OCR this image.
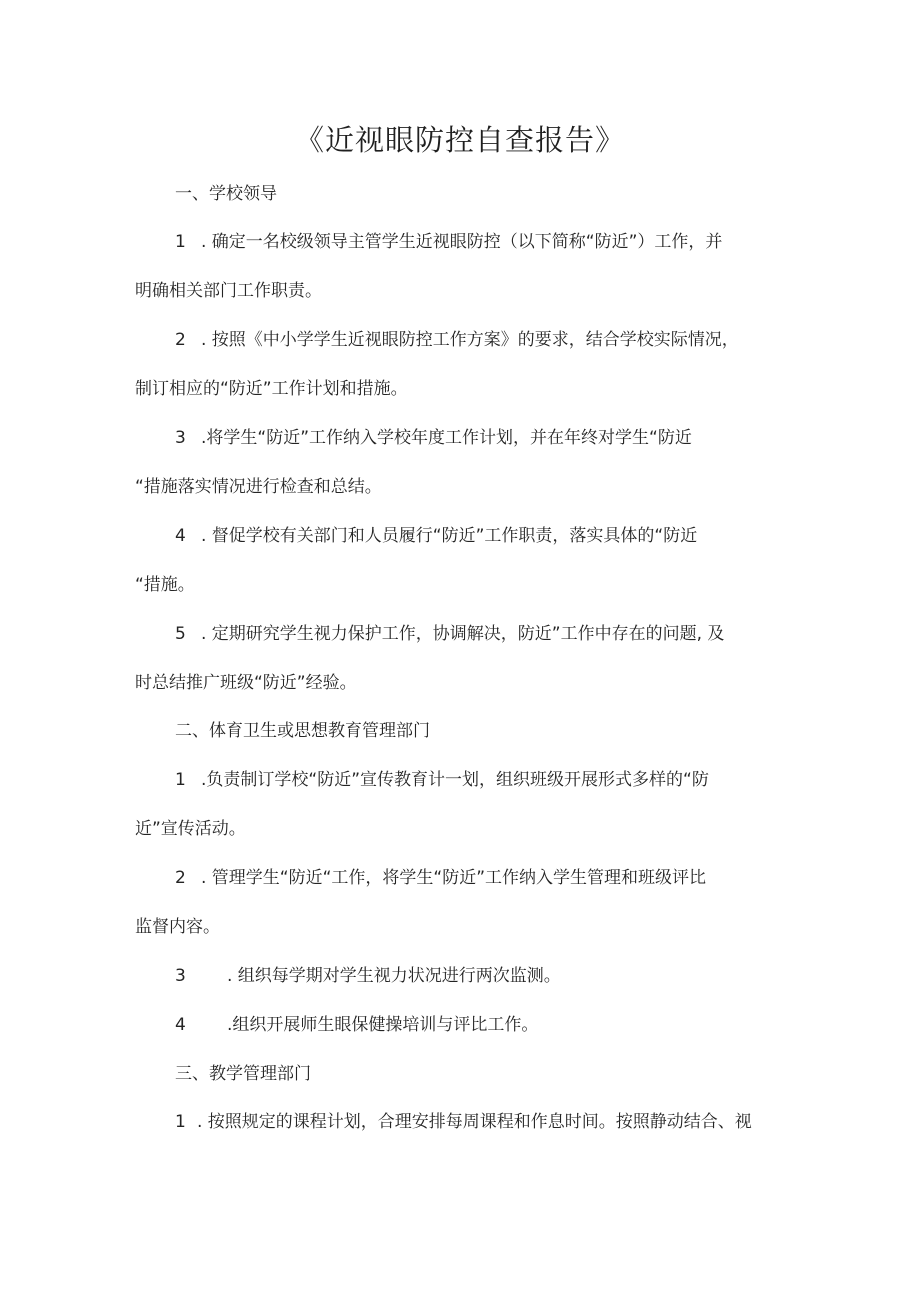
《近视眼防控自查报告》
一、学校领导
1 . 确定一名校级领导主管学生近视眼防控（以下简称“防近”）工作，并
明确相关部门工作职责。
2 . 按照《中小学学生近视眼防控工作方案》的要求，结合学校实际情况，
制订相应的“防近”工作计划和措施。
3 .将学生“防近”工作纳入学校年度工作计划，并在年终对学生“防近
“措施落实情况进行检查和总结。
4 . 督促学校有关部门和人员履行“防近”工作职责，落实具体的“防近
“措施。
5 . 定期研究学生视力保护工作，协调解决，防近”工作中存在的问题, 及
时总结推广班级“防近”经验。
二、体育卫生或思想教育管理部门
1 .负责制订学校“防近”宣传教育计一划，组织班级开展形式多样的“防
近”宣传活动。
2 . 管理学生“防近“工作，将学生“防近”工作纳入学生管理和班级评比
监督内容。
3 . 组织每学期对学生视力状况进行两次监测。
4 .组织开展师生眼保健操培训与评比工作。
三、教学管理部门
1 . 按照规定的课程计划，合理安排每周课程和作息时间。按照静动结合、视
